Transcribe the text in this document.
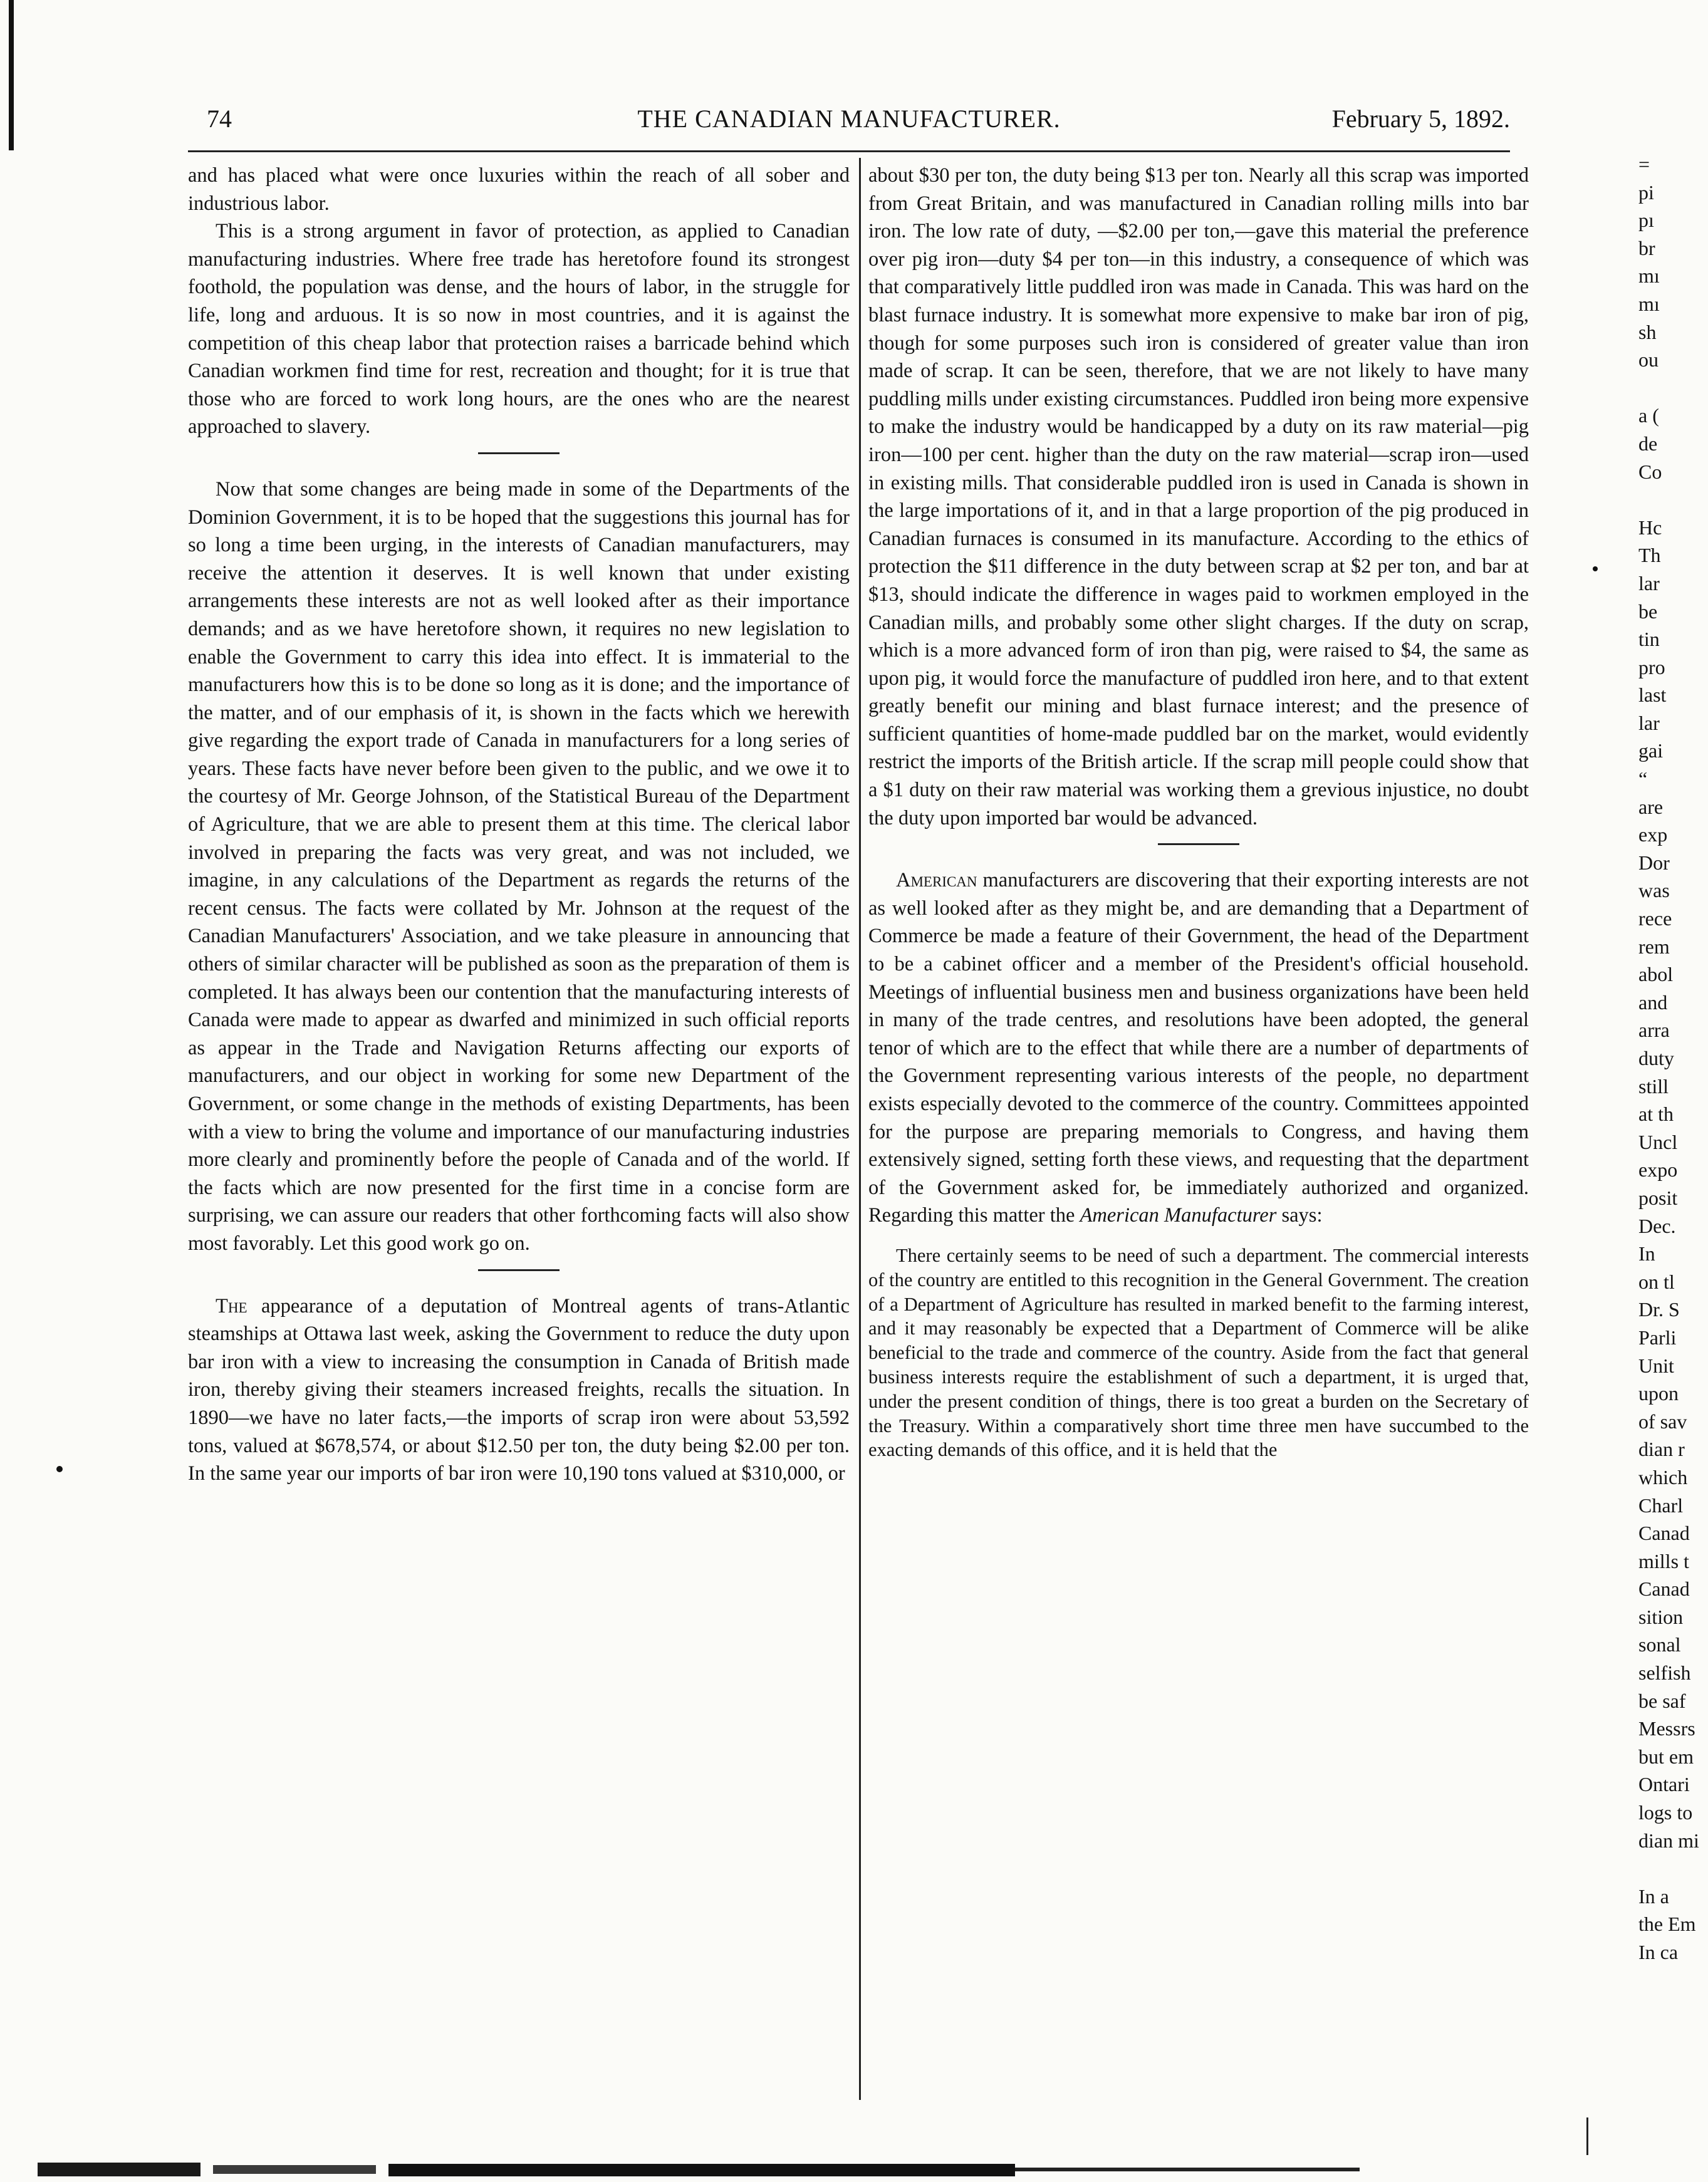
74	THE CANADIAN MANUFACTURER.	February 5, 1892.

and has placed what were once luxuries within the reach of all sober and industrious labor.

This is a strong argument in favor of protection, as applied to Canadian manufacturing industries. Where free trade has heretofore found its strongest foothold, the population was dense, and the hours of labor, in the struggle for life, long and arduous. It is so now in most countries, and it is against the competition of this cheap labor that protection raises a barricade behind which Canadian workmen find time for rest, recreation and thought; for it is true that those who are forced to work long hours, are the ones who are the nearest approached to slavery.

Now that some changes are being made in some of the Departments of the Dominion Government, it is to be hoped that the suggestions this journal has for so long a time been urging, in the interests of Canadian manufacturers, may receive the attention it deserves. It is well known that under existing arrangements these interests are not as well looked after as their importance demands; and as we have heretofore shown, it requires no new legislation to enable the Government to carry this idea into effect. It is immaterial to the manufacturers how this is to be done so long as it is done; and the importance of the matter, and of our emphasis of it, is shown in the facts which we herewith give regarding the export trade of Canada in manufacturers for a long series of years. These facts have never before been given to the public, and we owe it to the courtesy of Mr. George Johnson, of the Statistical Bureau of the Department of Agriculture, that we are able to present them at this time. The clerical labor involved in preparing the facts was very great, and was not included, we imagine, in any calculations of the Department as regards the returns of the recent census. The facts were collated by Mr. Johnson at the request of the Canadian Manufacturers' Association, and we take pleasure in announcing that others of similar character will be published as soon as the preparation of them is completed. It has always been our contention that the manufacturing interests of Canada were made to appear as dwarfed and minimized in such official reports as appear in the Trade and Navigation Returns affecting our exports of manufacturers, and our object in working for some new Department of the Government, or some change in the methods of existing Departments, has been with a view to bring the volume and importance of our manufacturing industries more clearly and prominently before the people of Canada and of the world. If the facts which are now presented for the first time in a concise form are surprising, we can assure our readers that other forthcoming facts will also show most favorably. Let this good work go on.

The appearance of a deputation of Montreal agents of trans-Atlantic steamships at Ottawa last week, asking the Government to reduce the duty upon bar iron with a view to increasing the consumption in Canada of British made iron, thereby giving their steamers increased freights, recalls the situation. In 1890—we have no later facts,—the imports of scrap iron were about 53,592 tons, valued at $678,574, or about $12.50 per ton, the duty being $2.00 per ton. In the same year our imports of bar iron were 10,190 tons valued at $310,000, or

about $30 per ton, the duty being $13 per ton. Nearly all this scrap was imported from Great Britain, and was manufactured in Canadian rolling mills into bar iron. The low rate of duty, —$2.00 per ton,—gave this material the preference over pig iron—duty $4 per ton—in this industry, a consequence of which was that comparatively little puddled iron was made in Canada. This was hard on the blast furnace industry. It is somewhat more expensive to make bar iron of pig, though for some purposes such iron is considered of greater value than iron made of scrap. It can be seen, therefore, that we are not likely to have many puddling mills under existing circumstances. Puddled iron being more expensive to make the industry would be handicapped by a duty on its raw material—pig iron—100 per cent. higher than the duty on the raw material—scrap iron—used in existing mills. That considerable puddled iron is used in Canada is shown in the large importations of it, and in that a large proportion of the pig produced in Canadian furnaces is consumed in its manufacture. According to the ethics of protection the $11 difference in the duty between scrap at $2 per ton, and bar at $13, should indicate the difference in wages paid to workmen employed in the Canadian mills, and probably some other slight charges. If the duty on scrap, which is a more advanced form of iron than pig, were raised to $4, the same as upon pig, it would force the manufacture of puddled iron here, and to that extent greatly benefit our mining and blast furnace interest; and the presence of sufficient quantities of home-made puddled bar on the market, would evidently restrict the imports of the British article. If the scrap mill people could show that a $1 duty on their raw material was working them a grevious injustice, no doubt the duty upon imported bar would be advanced.

American manufacturers are discovering that their exporting interests are not as well looked after as they might be, and are demanding that a Department of Commerce be made a feature of their Government, the head of the Department to be a cabinet officer and a member of the President's official household. Meetings of influential business men and business organizations have been held in many of the trade centres, and resolutions have been adopted, the general tenor of which are to the effect that while there are a number of departments of the Government representing various interests of the people, no department exists especially devoted to the commerce of the country. Committees appointed for the purpose are preparing memorials to Congress, and having them extensively signed, setting forth these views, and requesting that the department of the Government asked for, be immediately authorized and organized. Regarding this matter the American Manufacturer says:

There certainly seems to be need of such a department. The commercial interests of the country are entitled to this recognition in the General Government. The creation of a Department of Agriculture has resulted in marked benefit to the farming interest, and it may reasonably be expected that a Department of Commerce will be alike beneficial to the trade and commerce of the country. Aside from the fact that general business interests require the establishment of such a department, it is urged that, under the present condition of things, there is too great a burden on the Secretary of the Treasury. Within a comparatively short time three men have succumbed to the exacting demands of this office, and it is held that the

=
pi
pı
br
mı
mı
sh
ou
a (
de
Co
Hc
Th
lar
be
tin
pro
last
lar
gai
“
are
exp
Dor
was
rece
rem
abol
and
arra
duty
still
at th
Uncl
expo
posit
Dec.
In
on tl
Dr. S
Parli
Unit
upon
of sav
dian r
which
Charl
Canad
mills t
Canad
sition
sonal
selfish
be saf
Messrs
but em
Ontari
logs to
dian mi
In a
the Em
In ca
